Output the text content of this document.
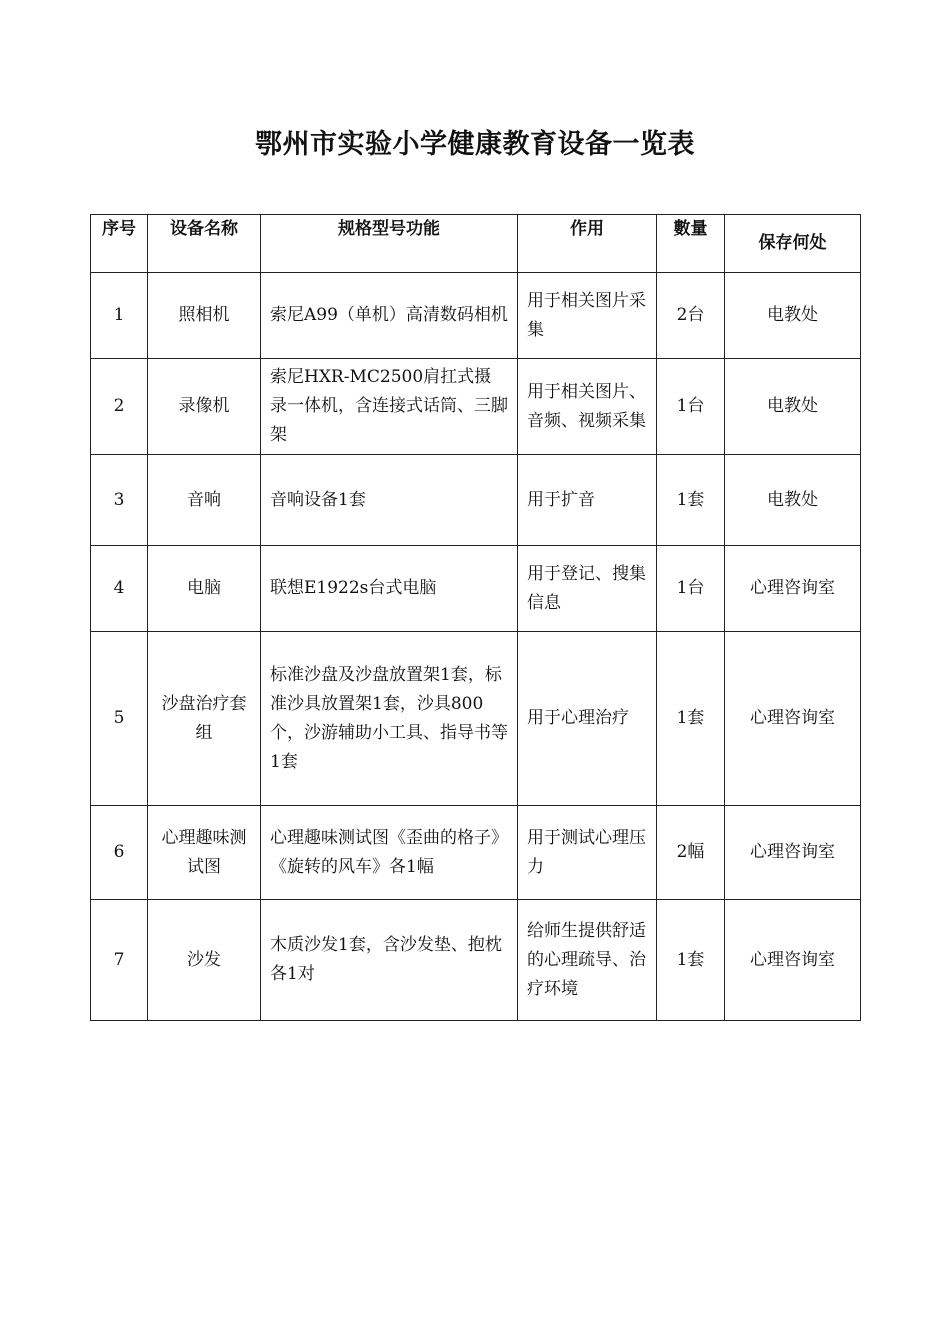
鄂州市实验小学健康教育设备一览表
序号	设备名称	规格型号功能	作用	數量	保存何处
1	照相机	索尼A99（单机）高清数码相机	用于相关图片采集	2台	电教处
2	录像机	索尼HXR-MC2500肩扛式摄录一体机，含连接式话筒、三脚架	用于相关图片、音频、视频采集	1台	电教处
3	音响	音响设备1套	用于扩音	1套	电教处
4	电脑	联想E1922s台式电脑	用于登记、搜集信息	1台	心理咨询室
5	沙盘治疗套组	标准沙盘及沙盘放置架1套，标准沙具放置架1套，沙具800个，沙游辅助小工具、指导书等1套	用于心理治疗	1套	心理咨询室
6	心理趣味测试图	心理趣味测试图《歪曲的格子》《旋转的风车》各1幅	用于测试心理压力	2幅	心理咨询室
7	沙发	木质沙发1套，含沙发垫、抱枕各1对	给师生提供舒适的心理疏导、治疗环境	1套	心理咨询室
